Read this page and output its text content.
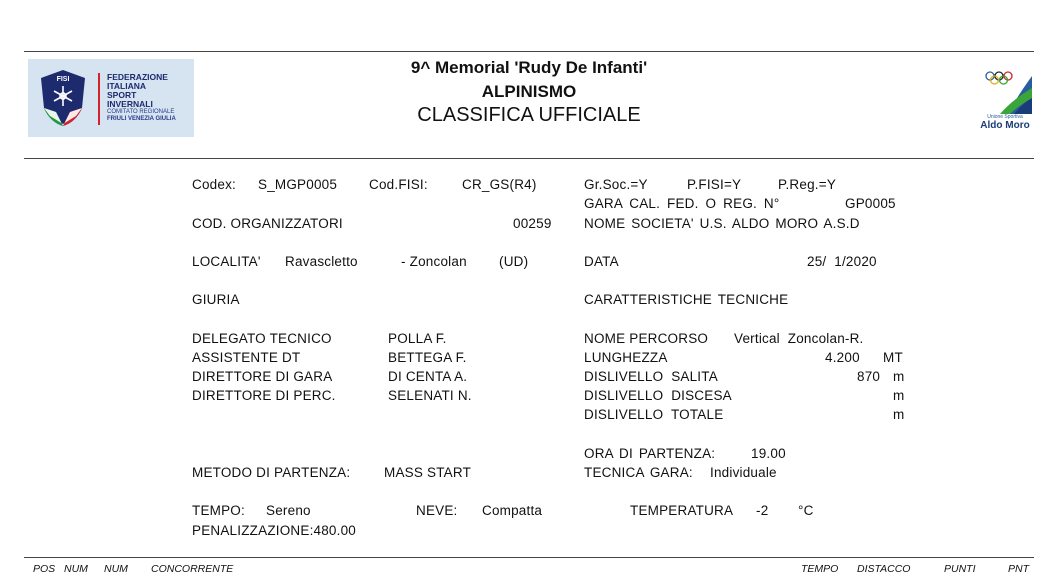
FISI	FEDERAZIONE
ITALIANA
SPORT
INVERNALI
COMITATO REGIONALE
FRIULI VENEZIA GIULIA
9^ Memorial 'Rudy De Infanti'
ALPINISMO
CLASSIFICA UFFICIALE	Unione Sportiva
Aldo Moro
Codex: S_MGP0005 Cod.FISI:	CR_GS(R4)
COD. ORGANIZZATORI	00259
LOCALITA' Ravascletto	- Zoncolan (UD)
GIURIA
DELEGATO TECNICO	POLLA F.
ASSISTENTE DT	BETTEGA F.
DIRETTORE DI GARA	DI CENTA A.
DIRETTORE DI PERC.	SELENATI N.
METODO DI PARTENZA: MASS START
TEMPO: Sereno	NEVE: Compatta
PENALIZZAZIONE:480.00
Gr.Soc.=Y	P.FISI=Y	P.Reg.=Y
GARA CAL. FED. O REG. N°	GP0005
NOME SOCIETA' U.S. ALDO MORO A.S.D
DATA	25/  1/2020
CARATTERISTICHE TECNICHE
NOME PERCORSO Vertical  Zoncolan-R.
LUNGHEZZA	4.200 MT
DISLIVELLO  SALITA	870 m
DISLIVELLO  DISCESA	m
DISLIVELLO  TOTALE	m
ORA DI PARTENZA:	19.00
TECNICA GARA: Individuale
TEMPERATURA -2 °C
POS NUM NUM CONCORRENTE	TEMPO DISTACCO	PUNTI	PNT
